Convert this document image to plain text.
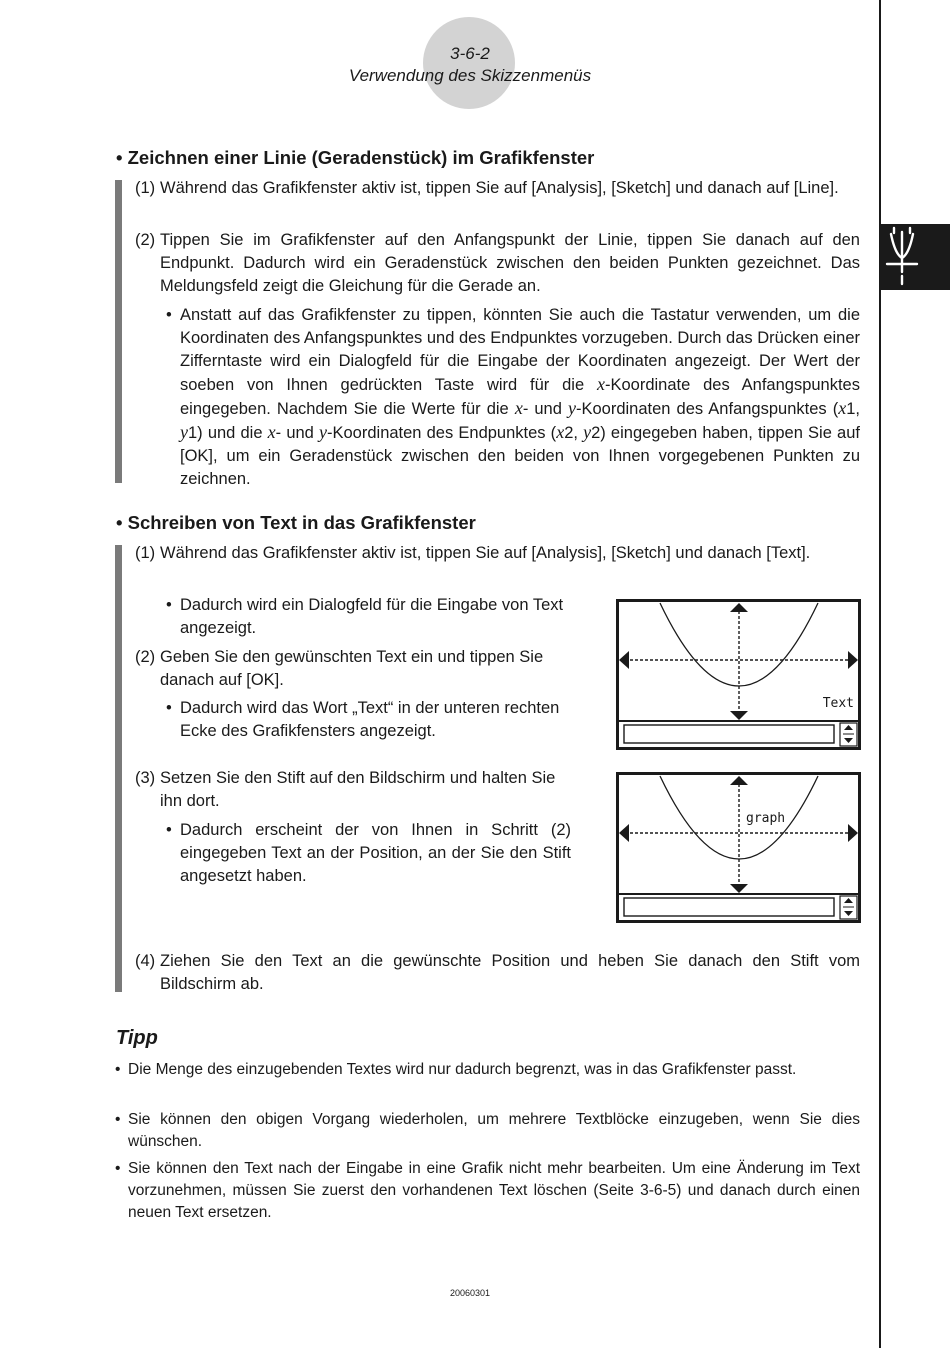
3-6-2
Verwendung des Skizzenmenüs
• Zeichnen einer Linie (Geradenstück) im Grafikfenster
(1) Während das Grafikfenster aktiv ist, tippen Sie auf [Analysis], [Sketch] und danach auf [Line].
(2) Tippen Sie im Grafikfenster auf den Anfangspunkt der Linie, tippen Sie danach auf den Endpunkt. Dadurch wird ein Geradenstück zwischen den beiden Punkten gezeichnet. Das Meldungsfeld zeigt die Gleichung für die Gerade an.
• Anstatt auf das Grafikfenster zu tippen, könnten Sie auch die Tastatur verwenden, um die Koordinaten des Anfangspunktes und des Endpunktes vorzugeben. Durch das Drücken einer Zifferntaste wird ein Dialogfeld für die Eingabe der Koordinaten angezeigt. Der Wert der soeben von Ihnen gedrückten Taste wird für die x-Koordinate des Anfangspunktes eingegeben. Nachdem Sie die Werte für die x- und y-Koordinaten des Anfangspunktes (x1, y1) und die x- und y-Koordinaten des Endpunktes (x2, y2) eingegeben haben, tippen Sie auf [OK], um ein Geradenstück zwischen den beiden von Ihnen vorgegebenen Punkten zu zeichnen.
• Schreiben von Text in das Grafikfenster
(1) Während das Grafikfenster aktiv ist, tippen Sie auf [Analysis], [Sketch] und danach [Text].
• Dadurch wird ein Dialogfeld für die Eingabe von Text angezeigt.
(2) Geben Sie den gewünschten Text ein und tippen Sie danach auf [OK].
• Dadurch wird das Wort „Text“ in der unteren rechten Ecke des Grafikfensters angezeigt.
(3) Setzen Sie den Stift auf den Bildschirm und halten Sie ihn dort.
• Dadurch erscheint der von Ihnen in Schritt (2) eingegeben Text an der Position, an der Sie den Stift angesetzt haben.
(4) Ziehen Sie den Text an die gewünschte Position und heben Sie danach den Stift vom Bildschirm ab.
Text
graph
Tipp
• Die Menge des einzugebenden Textes wird nur dadurch begrenzt, was in das Grafikfenster passt.
• Sie können den obigen Vorgang wiederholen, um mehrere Textblöcke einzugeben, wenn Sie dies wünschen.
• Sie können den Text nach der Eingabe in eine Grafik nicht mehr bearbeiten. Um eine Änderung im Text vorzunehmen, müssen Sie zuerst den vorhandenen Text löschen (Seite 3-6-5) und danach durch einen neuen Text ersetzen.
20060301
